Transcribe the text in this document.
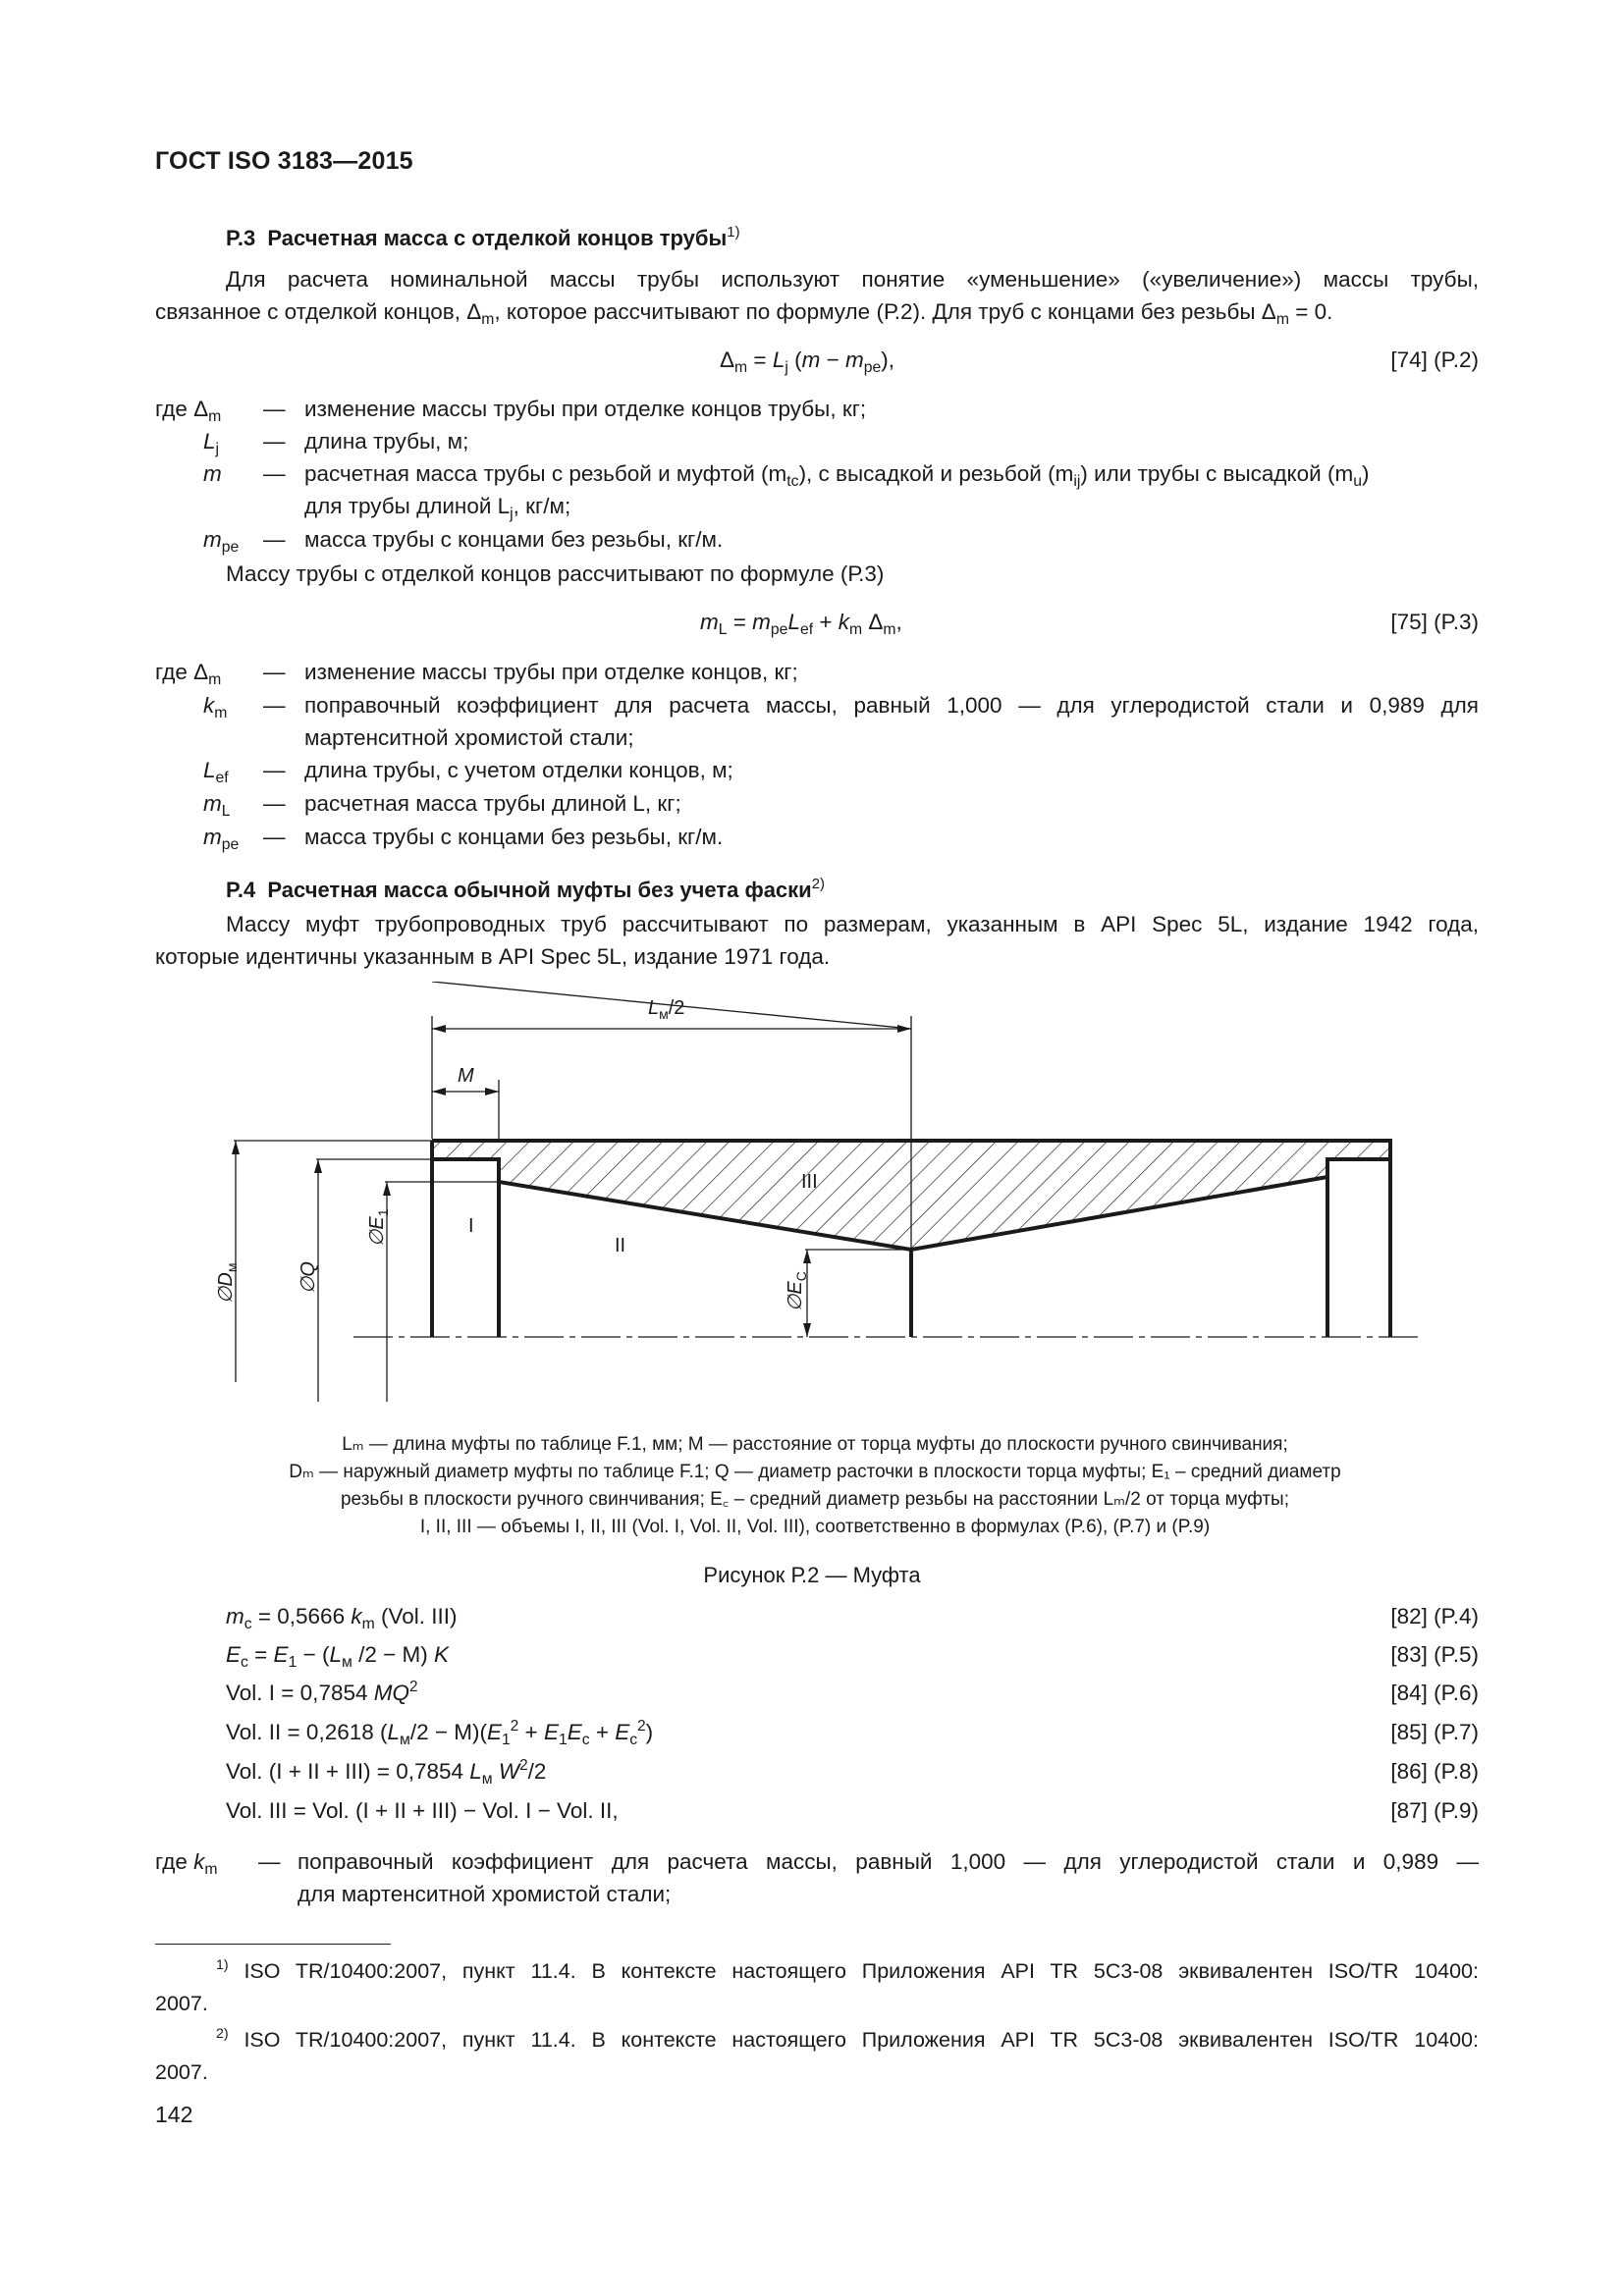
ГОСТ ISO 3183—2015
P.3 Расчетная масса с отделкой концов трубы$^{1)}$
Для расчета номинальной массы трубы используют понятие «уменьшение» («увеличение») массы трубы,
связанное с отделкой концов, $\Delta_m$, которое рассчитывают по формуле (Р.2). Для труб с концами без резьбы $\Delta_m = 0$.
$\Delta_m = L_j$ $(m - m_{pe})$,	[74] (P.2)
где $\Delta_m$ — изменение массы трубы при отделке концов трубы, кг;
$L_j$ — длина трубы, м;
m — расчетная масса трубы с резьбой и муфтой $(m_{tc})$, с высадкой и резьбой $(m_{ij})$ или трубы с высадкой $(m_u)$
для трубы длиной $L_j$, кг/м;
$m_{pe}$ — масса трубы с концами без резьбы, кг/м.
Массу трубы с отделкой концов рассчитывают по формуле (Р.3)
$m_L = m_{pe}L_{ef} + k_m$ $\Delta_m$,	[75] (P.3)
где $\Delta_m$ — изменение массы трубы при отделке концов, кг;
$k_m$ — поправочный коэффициент для расчета массы, равный 1,000 — для углеродистой стали и 0,989 для
мартенситной хромистой стали;
$L_{ef}$ — длина трубы, с учетом отделки концов, м;
$m_L$ — расчетная масса трубы длиной L, кг;
$m_{pe}$ — масса трубы с концами без резьбы, кг/м.
P.4 Расчетная масса обычной муфты без учета фаски$^{2)}$
Массу муфт трубопроводных труб рассчитывают по размерам, указанным в API Spec 5L, издание 1942 года,
которые идентичны указанным в API Spec 5L, издание 1971 года.
$L_м/2$
M
III
I
II
$\emptyset D_м$	∅Q
$\emptyset E_1$
$\emptyset E_C$
Lₘ — длина муфты по таблице F.1, мм; M — расстояние от торца муфты до плоскости ручного свинчивания;
Dₘ — наружный диаметр муфты по таблице F.1; Q — диаметр расточки в плоскости торца муфты; E₁ – средний диаметр
резьбы в плоскости ручного свинчивания; E꜀ – средний диаметр резьбы на расстоянии Lₘ/2 от торца муфты;
I, II, III — объемы I, II, III (Vol. I, Vol. II, Vol. III), соответственно в формулах (P.6), (P.7) и (P.9)
Рисунок Р.2 — Муфта
$m_c = 0,5666$ $k_m$ (Vol. III)	[82] (P.4)
$E_c = E_1 - (L_м$ /2 − M) K	[83] (P.5)
Vol. I = 0,7854 $MQ^2$	[84] (P.6)
Vol. II = 0,2618 $(L_м/2 - M)(E_1^2 + E_1E_c + E_c^2)$	[85] (P.7)
Vol. (I + II + III) = 0,7854 $L_м$ $W^2/2$	[86] (P.8)
Vol. III = Vol. (I + II + III) − Vol. I − Vol. II,	[87] (P.9)
где $k_m$ — поправочный коэффициент для расчета массы, равный 1,000 — для углеродистой стали и 0,989 —
для мартенситной хромистой стали;
$^{1)}$ ISO TR/10400:2007, пункт 11.4. В контексте настоящего Приложения API TR 5C3-08 эквивалентен ISO/TR 10400:
2007.
$^{2)}$ ISO TR/10400:2007, пункт 11.4. В контексте настоящего Приложения API TR 5C3-08 эквивалентен ISO/TR 10400:
2007.
142
